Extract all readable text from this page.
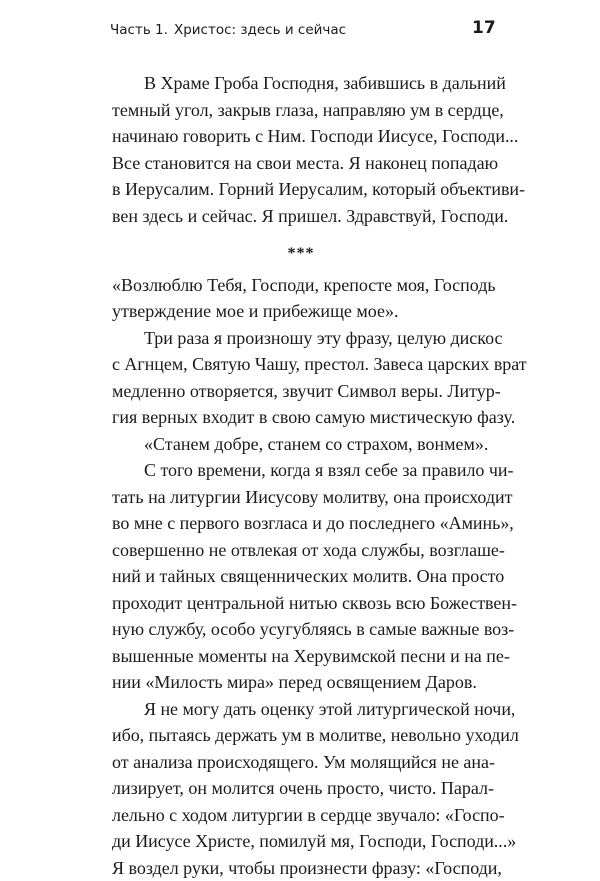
Часть 1. Христос: здесь и сейчас	17
В Храме Гроба Господня, забившись в дальний
темный угол, закрыв глаза, направляю ум в сердце,
начинаю говорить с Ним. Господи Иисусе, Господи...
Все становится на свои места. Я наконец попадаю
в Иерусалим. Горний Иерусалим, который объективи-
вен здесь и сейчас. Я пришел. Здравствуй, Господи.
***
«Возлюблю Тебя, Господи, крепосте моя, Господь
утверждение мое и прибежище мое».
Три раза я произношу эту фразу, целую дискос
с Агнцем, Святую Чашу, престол. Завеса царских врат
медленно отворяется, звучит Символ веры. Литур-
гия верных входит в свою самую мистическую фазу.
«Станем добре, станем со страхом, вонмем».
С того времени, когда я взял себе за правило чи-
тать на литургии Иисусову молитву, она происходит
во мне с первого возгласа и до последнего «Аминь»,
совершенно не отвлекая от хода службы, возглаше-
ний и тайных священнических молитв. Она просто
проходит центральной нитью сквозь всю Божествен-
ную службу, особо усугубляясь в самые важные воз-
вышенные моменты на Херувимской песни и на пе-
нии «Милость мира» перед освящением Даров.
Я не могу дать оценку этой литургической ночи,
ибо, пытаясь держать ум в молитве, невольно уходил
от анализа происходящего. Ум молящийся не ана-
лизирует, он молится очень просто, чисто. Парал-
лельно с ходом литургии в сердце звучало: «Госпо-
ди Иисусе Христе, помилуй мя, Господи, Господи...»
Я воздел руки, чтобы произнести фразу: «Господи,
